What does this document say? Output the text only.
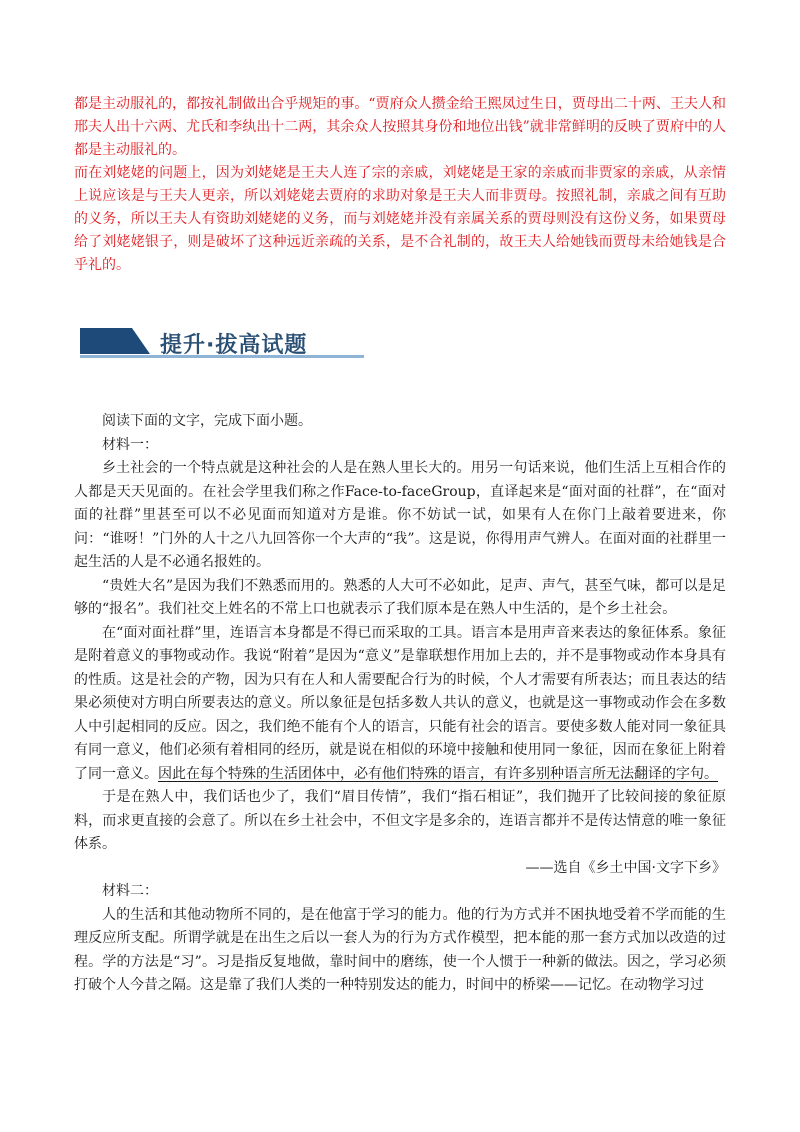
都是主动服礼的，都按礼制做出合乎规矩的事。“贾府众人攒金给王熙凤过生日，贾母出二十两、王夫人和邢夫人出十六两、尤氏和李纨出十二两，其余众人按照其身份和地位出钱”就非常鲜明的反映了贾府中的人都是主动服礼的。

而在刘姥姥的问题上，因为刘姥姥是王夫人连了宗的亲戚，刘姥姥是王家的亲戚而非贾家的亲戚，从亲情上说应该是与王夫人更亲，所以刘姥姥去贾府的求助对象是王夫人而非贾母。按照礼制，亲戚之间有互助的义务，所以王夫人有资助刘姥姥的义务，而与刘姥姥并没有亲属关系的贾母则没有这份义务，如果贾母给了刘姥姥银子，则是破坏了这种远近亲疏的关系，是不合礼制的，故王夫人给她钱而贾母未给她钱是合乎礼的。

提升·拔高试题

阅读下面的文字，完成下面小题。

材料一：

乡土社会的一个特点就是这种社会的人是在熟人里长大的。用另一句话来说，他们生活上互相合作的人都是天天见面的。在社会学里我们称之作Face-to-faceGroup，直译起来是“面对面的社群”，在“面对面的社群”里甚至可以不必见面而知道对方是谁。你不妨试一试，如果有人在你门上敲着要进来，你问：“谁呀！”门外的人十之八九回答你一个大声的“我”。这是说，你得用声气辨人。在面对面的社群里一起生活的人是不必通名报姓的。

“贵姓大名”是因为我们不熟悉而用的。熟悉的人大可不必如此，足声、声气，甚至气味，都可以是足够的“报名”。我们社交上姓名的不常上口也就表示了我们原本是在熟人中生活的，是个乡土社会。

在“面对面社群”里，连语言本身都是不得已而采取的工具。语言本是用声音来表达的象征体系。象征是附着意义的事物或动作。我说“附着”是因为“意义”是靠联想作用加上去的，并不是事物或动作本身具有的性质。这是社会的产物，因为只有在人和人需要配合行为的时候，个人才需要有所表达；而且表达的结果必须使对方明白所要表达的意义。所以象征是包括多数人共认的意义，也就是这一事物或动作会在多数人中引起相同的反应。因之，我们绝不能有个人的语言，只能有社会的语言。要使多数人能对同一象征具有同一意义，他们必须有着相同的经历，就是说在相似的环境中接触和使用同一象征，因而在象征上附着了同一意义。因此在每个特殊的生活团体中，必有他们特殊的语言，有许多别种语言所无法翻译的字句。

于是在熟人中，我们话也少了，我们“眉目传情”，我们“指石相证”，我们抛开了比较间接的象征原料，而求更直接的会意了。所以在乡土社会中，不但文字是多余的，连语言都并不是传达情意的唯一象征体系。

——选自《乡土中国·文字下乡》

材料二：

人的生活和其他动物所不同的，是在他富于学习的能力。他的行为方式并不困执地受着不学而能的生理反应所支配。所谓学就是在出生之后以一套人为的行为方式作模型，把本能的那一套方式加以改造的过程。学的方法是“习”。习是指反复地做，靠时间中的磨练，使一个人惯于一种新的做法。因之，学习必须打破个人今昔之隔。这是靠了我们人类的一种特别发达的能力，时间中的桥梁——记忆。在动物学习过
